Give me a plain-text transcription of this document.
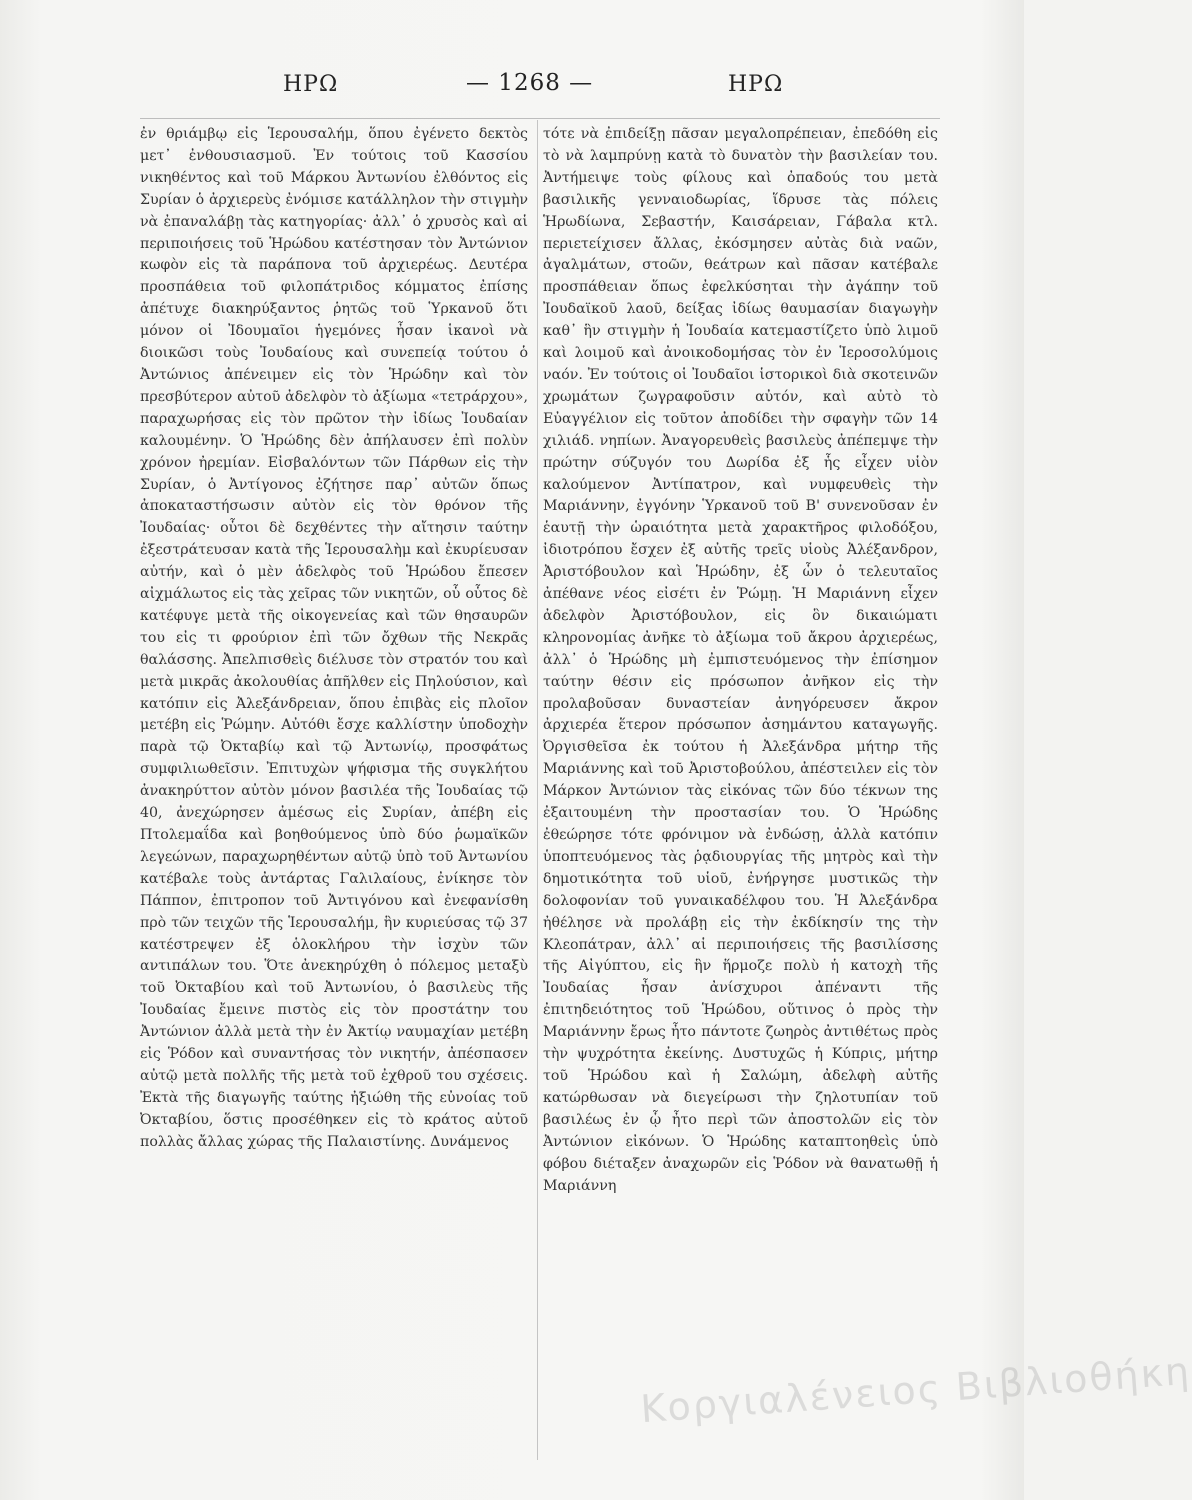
ΗΡΩ	— 1268 —	ΗΡΩ

ἐν θριάμβῳ εἰς Ἱερουσαλήμ, ὅπου ἐγένετο δεκτὸς μετ᾽ ἐνθουσιασμοῦ. Ἐν τούτοις τοῦ Κασσίου νικηθέντος καὶ τοῦ Μάρκου Ἀντωνίου ἐλθόντος εἰς Συρίαν ὁ ἀρχιερεὺς ἐνόμισε κατάλληλον τὴν στιγμὴν νὰ ἐπαναλάβῃ τὰς κατηγορίας· ἀλλ᾽ ὁ χρυσὸς καὶ αἱ περιποιήσεις τοῦ Ἡρώδου κατέστησαν τὸν Ἀντώνιον κωφὸν εἰς τὰ παράπονα τοῦ ἀρχιερέως. Δευτέρα προσπάθεια τοῦ φιλοπάτριδος κόμματος ἐπίσης ἀπέτυχε διακηρύξαντος ῥητῶς τοῦ Ὑρκανοῦ ὅτι μόνον οἱ Ἰδουμαῖοι ἡγεμόνες ἦσαν ἱκανοὶ νὰ διοικῶσι τοὺς Ἰουδαίους καὶ συνεπείᾳ τούτου ὁ Ἀντώνιος ἀπένειμεν εἰς τὸν Ἡρώδην καὶ τὸν πρεσβύτερον αὐτοῦ ἀδελφὸν τὸ ἀξίωμα «τετράρχου», παραχωρήσας εἰς τὸν πρῶτον τὴν ἰδίως Ἰουδαίαν καλουμένην. Ὁ Ἡρώδης δὲν ἀπήλαυσεν ἐπὶ πολὺν χρόνον ἠρεμίαν. Εἰσβαλόντων τῶν Πάρθων εἰς τὴν Συρίαν, ὁ Ἀντίγονος ἐζήτησε παρ᾽ αὐτῶν ὅπως ἀποκαταστήσωσιν αὐτὸν εἰς τὸν θρόνον τῆς Ἰουδαίας· οὗτοι δὲ δεχθέντες τὴν αἴτησιν ταύτην ἐξεστράτευσαν κατὰ τῆς Ἱερουσαλὴμ καὶ ἐκυρίευσαν αὐτήν, καὶ ὁ μὲν ἀδελφὸς τοῦ Ἡρώδου ἔπεσεν αἰχμάλωτος εἰς τὰς χεῖρας τῶν νικητῶν, οὗ οὗτος δὲ κατέφυγε μετὰ τῆς οἰκογενείας καὶ τῶν θησαυρῶν του εἰς τι φρούριον ἐπὶ τῶν ὄχθων τῆς Νεκρᾶς θαλάσσης. Ἀπελπισθεὶς διέλυσε τὸν στρατόν του καὶ μετὰ μικρᾶς ἀκολουθίας ἀπῆλθεν εἰς Πηλούσιον, καὶ κατόπιν εἰς Ἀλεξάνδρειαν, ὅπου ἐπιβὰς εἰς πλοῖον μετέβη εἰς Ῥώμην. Αὐτόθι ἔσχε καλλίστην ὑποδοχὴν παρὰ τῷ Ὀκταβίῳ καὶ τῷ Ἀντωνίῳ, προσφάτως συμφιλιωθεῖσιν. Ἐπιτυχὼν ψήφισμα τῆς συγκλήτου ἀνακηρύττον αὐτὸν μόνον βασιλέα τῆς Ἰουδαίας τῷ 40, ἀνεχώρησεν ἀμέσως εἰς Συρίαν, ἀπέβη εἰς Πτολεμαΐδα καὶ βοηθούμενος ὑπὸ δύο ῥωμαϊκῶν λεγεώνων, παραχωρηθέντων αὐτῷ ὑπὸ τοῦ Ἀντωνίου κατέβαλε τοὺς ἀντάρτας Γαλιλαίους, ἐνίκησε τὸν Πάππον, ἐπιτροπον τοῦ Ἀντιγόνου καὶ ἐνεφανίσθη πρὸ τῶν τειχῶν τῆς Ἱερουσαλήμ, ἣν κυριεύσας τῷ 37 κατέστρεψεν ἐξ ὁλοκλήρου τὴν ἰσχὺν τῶν αντιπάλων του. Ὅτε ἀνεκηρύχθη ὁ πόλεμος μεταξὺ τοῦ Ὀκταβίου καὶ τοῦ Ἀντωνίου, ὁ βασιλεὺς τῆς Ἰουδαίας ἔμεινε πιστὸς εἰς τὸν προστάτην του Ἀντώνιον ἀλλὰ μετὰ τὴν ἐν Ἀκτίῳ ναυμαχίαν μετέβη εἰς Ῥόδον καὶ συναντήσας τὸν νικητήν, ἀπέσπασεν αὐτῷ μετὰ πολλῆς τῆς μετὰ τοῦ ἐχθροῦ του σχέσεις. Ἐκτὰ τῆς διαγωγῆς ταύτης ἠξιώθη τῆς εὐνοίας τοῦ Ὀκταβίου, ὅστις προσέθηκεν εἰς τὸ κράτος αὐτοῦ πολλὰς ἄλλας χώρας τῆς Παλαιστίνης. Δυνάμενος

τότε νὰ ἐπιδείξῃ πᾶσαν μεγαλοπρέπειαν, ἐπεδόθη εἰς τὸ νὰ λαμπρύνῃ κατὰ τὸ δυνατὸν τὴν βασιλείαν του. Ἀντήμειψε τοὺς φίλους καὶ ὀπαδούς του μετὰ βασιλικῆς γενναιοδωρίας, ἵδρυσε τὰς πόλεις Ἡρωδίωνα, Σεβαστήν, Καισάρειαν, Γάβαλα κτλ. περιετείχισεν ἄλλας, ἐκόσμησεν αὐτὰς διὰ ναῶν, ἀγαλμάτων, στοῶν, θεάτρων καὶ πᾶσαν κατέβαλε προσπάθειαν ὅπως ἐφελκύσηται τὴν ἀγάπην τοῦ Ἰουδαϊκοῦ λαοῦ, δείξας ἰδίως θαυμασίαν διαγωγὴν καθ᾽ ἣν στιγμὴν ἡ Ἰουδαία κατεμαστίζετο ὑπὸ λιμοῦ καὶ λοιμοῦ καὶ ἀνοικοδομήσας τὸν ἐν Ἱεροσολύμοις ναόν. Ἐν τούτοις οἱ Ἰουδαῖοι ἱστορικοὶ διὰ σκοτεινῶν χρωμάτων ζωγραφοῦσιν αὐτόν, καὶ αὐτὸ τὸ Εὐαγγέλιον εἰς τοῦτον ἀποδίδει τὴν σφαγὴν τῶν 14 χιλιάδ. νηπίων. Ἀναγορευθεὶς βασιλεὺς ἀπέπεμψε τὴν πρώτην σύζυγόν του Δωρίδα ἐξ ἧς εἶχεν υἱὸν καλούμενον Ἀντίπατρον, καὶ νυμφευθεὶς τὴν Μαριάννην, ἐγγόνην Ὑρκανοῦ τοῦ Β' συνενοῦσαν ἐν ἑαυτῇ τὴν ὡραιότητα μετὰ χαρακτῆρος φιλοδόξου, ἰδιοτρόπου ἔσχεν ἐξ αὐτῆς τρεῖς υἱοὺς Ἀλέξανδρον, Ἀριστόβουλον καὶ Ἡρώδην, ἐξ ὧν ὁ τελευταῖος ἀπέθανε νέος εἰσέτι ἐν Ῥώμῃ. Ἡ Μαριάννη εἶχεν ἀδελφὸν Ἀριστόβουλον, εἰς ὃν δικαιώματι κληρονομίας ἀνῆκε τὸ ἀξίωμα τοῦ ἄκρου ἀρχιερέως, ἀλλ᾽ ὁ Ἡρώδης μὴ ἐμπιστευόμενος τὴν ἐπίσημον ταύτην θέσιν εἰς πρόσωπον ἀνῆκον εἰς τὴν προλαβοῦσαν δυναστείαν ἀνηγόρευσεν ἄκρον ἀρχιερέα ἕτερον πρόσωπον ἀσημάντου καταγωγῆς. Ὀργισθεῖσα ἐκ τούτου ἡ Ἀλεξάνδρα μήτηρ τῆς Μαριάννης καὶ τοῦ Ἀριστοβούλου, ἀπέστειλεν εἰς τὸν Μάρκον Ἀντώνιον τὰς εἰκόνας τῶν δύο τέκνων της ἐξαιτουμένη τὴν προστασίαν του. Ὁ Ἡρώδης ἐθεώρησε τότε φρόνιμον νὰ ἐνδώσῃ, ἀλλὰ κατόπιν ὑποπτευόμενος τὰς ῥᾳδιουργίας τῆς μητρὸς καὶ τὴν δημοτικότητα τοῦ υἱοῦ, ἐνήργησε μυστικῶς τὴν δολοφονίαν τοῦ γυναικαδέλφου του. Ἡ Ἀλεξάνδρα ἠθέλησε νὰ προλάβῃ εἰς τὴν ἐκδίκησίν της τὴν Κλεοπάτραν, ἀλλ᾽ αἱ περιποιήσεις τῆς βασιλίσσης τῆς Αἰγύπτου, εἰς ἣν ἥρμοζε πολὺ ἡ κατοχὴ τῆς Ἰουδαίας ἦσαν ἀνίσχυροι ἀπέναντι τῆς ἐπιτηδειότητος τοῦ Ἡρώδου, οὕτινος ὁ πρὸς τὴν Μαριάννην ἔρως ἦτο πάντοτε ζωηρὸς ἀντιθέτως πρὸς τὴν ψυχρότητα ἐκείνης. Δυστυχῶς ἡ Κύπρις, μήτηρ τοῦ Ἡρώδου καὶ ἡ Σαλώμη, ἀδελφὴ αὐτῆς κατώρθωσαν νὰ διεγείρωσι τὴν ζηλοτυπίαν τοῦ βασιλέως ἐν ᾧ ἦτο περὶ τῶν ἀποστολῶν εἰς τὸν Ἀντώνιον εἰκόνων. Ὁ Ἡρώδης καταπτοηθεὶς ὑπὸ φόβου διέταξεν ἀναχωρῶν εἰς Ῥόδον νὰ θανατωθῇ ἡ Μαριάννη

Κοργιαλένειος Βιβλιοθήκη
